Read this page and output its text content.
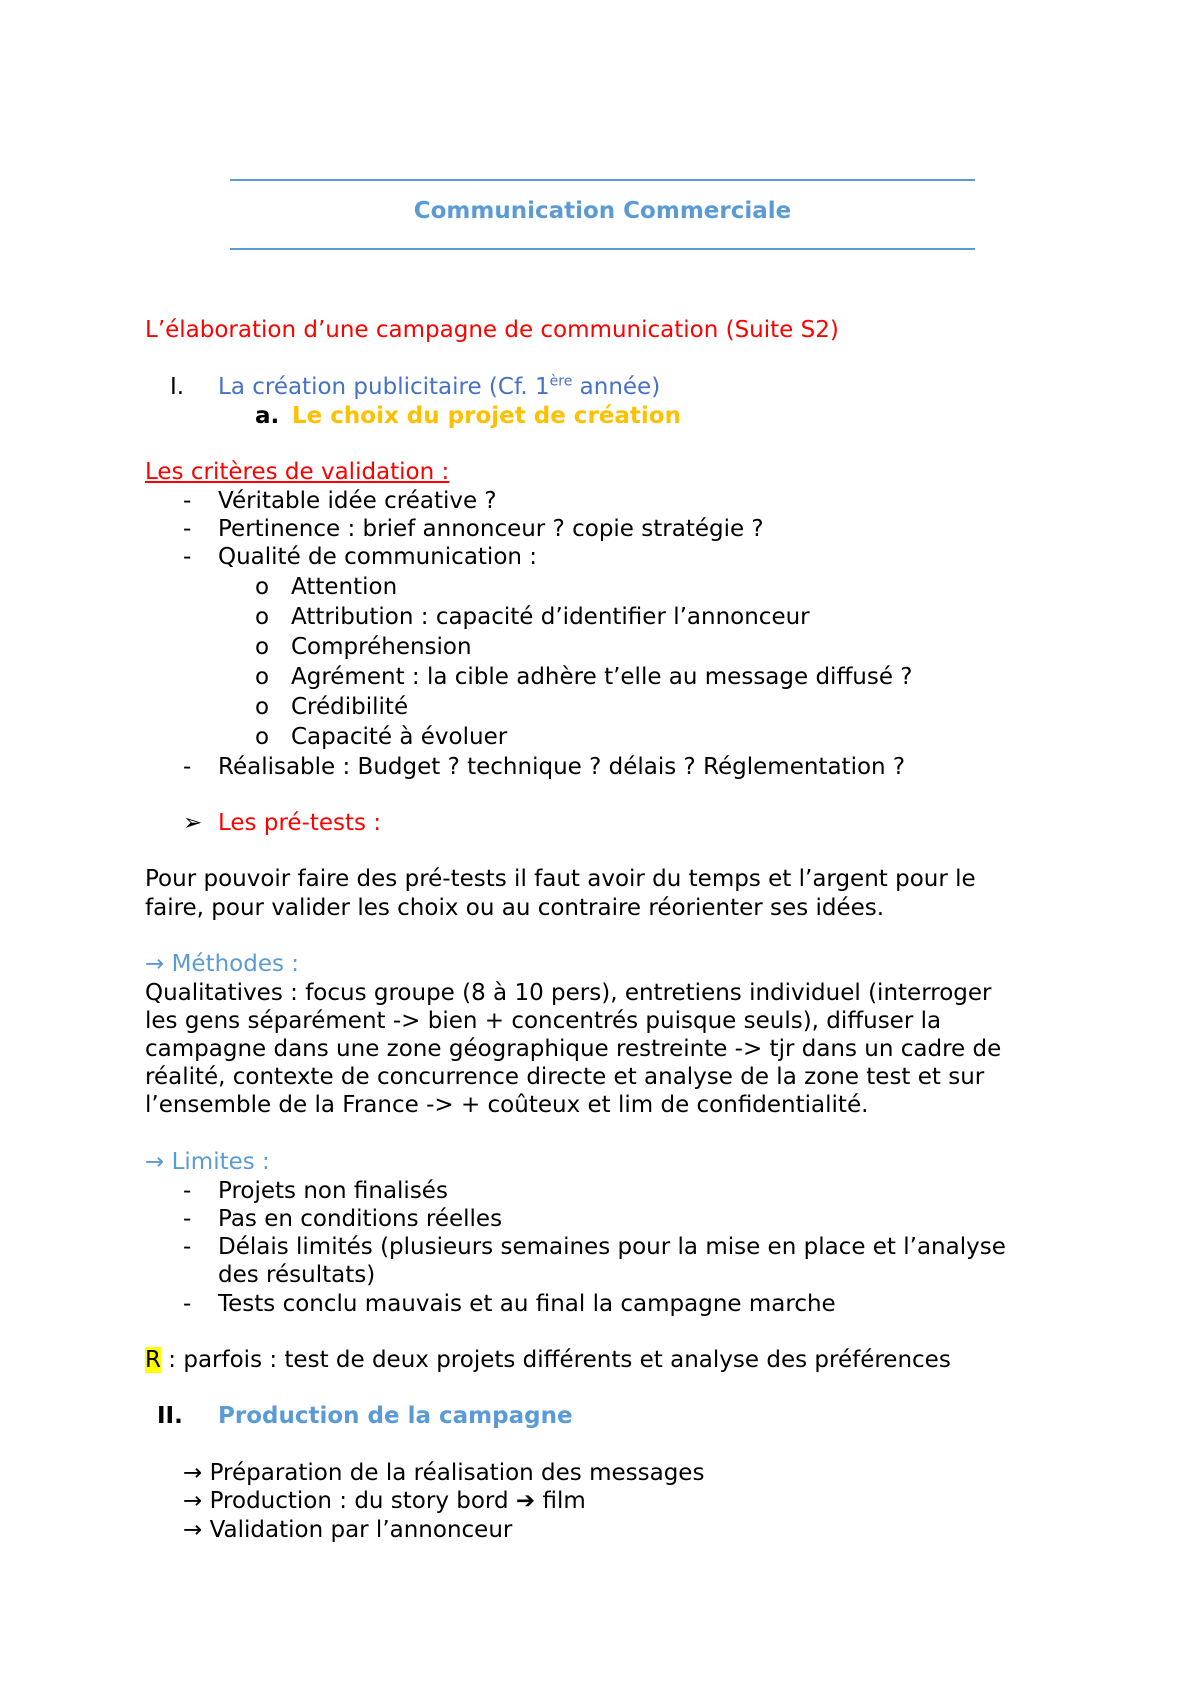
Communication Commerciale
L’élaboration d’une campagne de communication (Suite S2)
I. La création publicitaire (Cf. 1ère année)
a. Le choix du projet de création
Les critères de validation :
- Véritable idée créative ?
- Pertinence : brief annonceur ? copie stratégie ?
- Qualité de communication :
o Attention
o Attribution : capacité d’identifier l’annonceur
o Compréhension
o Agrément : la cible adhère t’elle au message diffusé ?
o Crédibilité
o Capacité à évoluer
- Réalisable : Budget ? technique ? délais ? Réglementation ?
➢ Les pré-tests :
Pour pouvoir faire des pré-tests il faut avoir du temps et l’argent pour le
faire, pour valider les choix ou au contraire réorienter ses idées.
→ Méthodes :
Qualitatives : focus groupe (8 à 10 pers), entretiens individuel (interroger
les gens séparément -> bien + concentrés puisque seuls), diffuser la
campagne dans une zone géographique restreinte -> tjr dans un cadre de
réalité, contexte de concurrence directe et analyse de la zone test et sur
l’ensemble de la France -> + coûteux et lim de confidentialité.
→ Limites :
- Projets non finalisés
- Pas en conditions réelles
- Délais limités (plusieurs semaines pour la mise en place et l’analyse
des résultats)
- Tests conclu mauvais et au final la campagne marche
R : parfois : test de deux projets différents et analyse des préférences
II. Production de la campagne
→ Préparation de la réalisation des messages
→ Production : du story bord ➔ film
→ Validation par l’annonceur
